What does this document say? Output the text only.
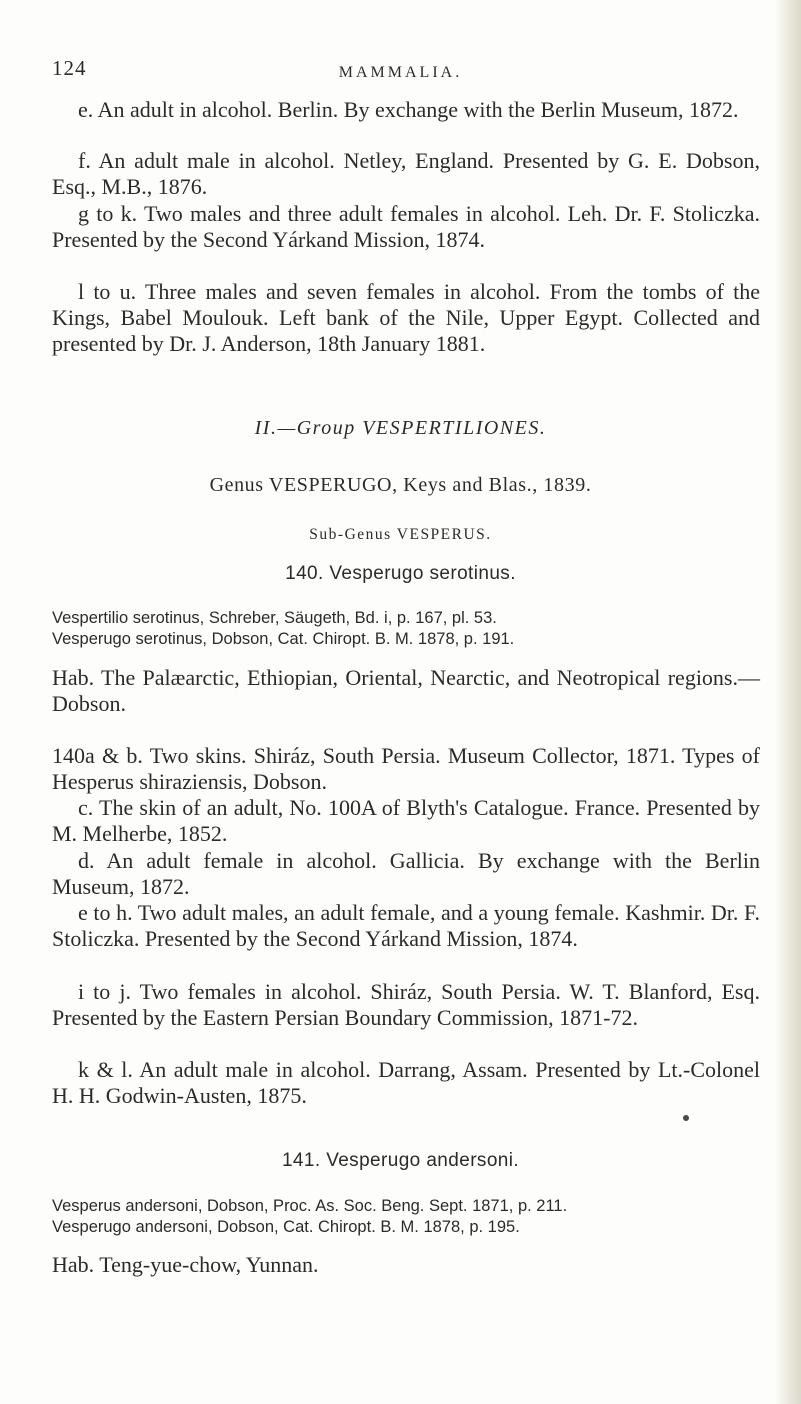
124	MAMMALIA.

e. An adult in alcohol. Berlin. By exchange with the Berlin Museum, 1872.

f. An adult male in alcohol. Netley, England. Presented by G. E. Dobson, Esq., M.B., 1876.

g to k. Two males and three adult females in alcohol. Leh. Dr. F. Stoliczka. Presented by the Second Yárkand Mission, 1874.

l to u. Three males and seven females in alcohol. From the tombs of the Kings, Babel Moulouk. Left bank of the Nile, Upper Egypt. Collected and presented by Dr. J. Anderson, 18th January 1881.

II.—Group VESPERTILIONES.

Genus VESPERUGO, Keys and Blas., 1839.

Sub-Genus VESPERUS.

140. Vesperugo serotinus.

Vespertilio serotinus, Schreber, Säugeth, Bd. i, p. 167, pl. 53.

Vesperugo serotinus, Dobson, Cat. Chiropt. B. M. 1878, p. 191.

Hab. The Palæarctic, Ethiopian, Oriental, Nearctic, and Neotropical regions.—Dobson.

140a & b. Two skins. Shiráz, South Persia. Museum Collector, 1871. Types of Hesperus shiraziensis, Dobson.

c. The skin of an adult, No. 100A of Blyth's Catalogue. France. Presented by M. Melherbe, 1852.

d. An adult female in alcohol. Gallicia. By exchange with the Berlin Museum, 1872.

e to h. Two adult males, an adult female, and a young female. Kashmir. Dr. F. Stoliczka. Presented by the Second Yárkand Mission, 1874.

i to j. Two females in alcohol. Shiráz, South Persia. W. T. Blanford, Esq. Presented by the Eastern Persian Boundary Commission, 1871-72.

k & l. An adult male in alcohol. Darrang, Assam. Presented by Lt.-Colonel H. H. Godwin-Austen, 1875.

141. Vesperugo andersoni.

Vesperus andersoni, Dobson, Proc. As. Soc. Beng. Sept. 1871, p. 211.

Vesperugo andersoni, Dobson, Cat. Chiropt. B. M. 1878, p. 195.

Hab. Teng-yue-chow, Yunnan.
